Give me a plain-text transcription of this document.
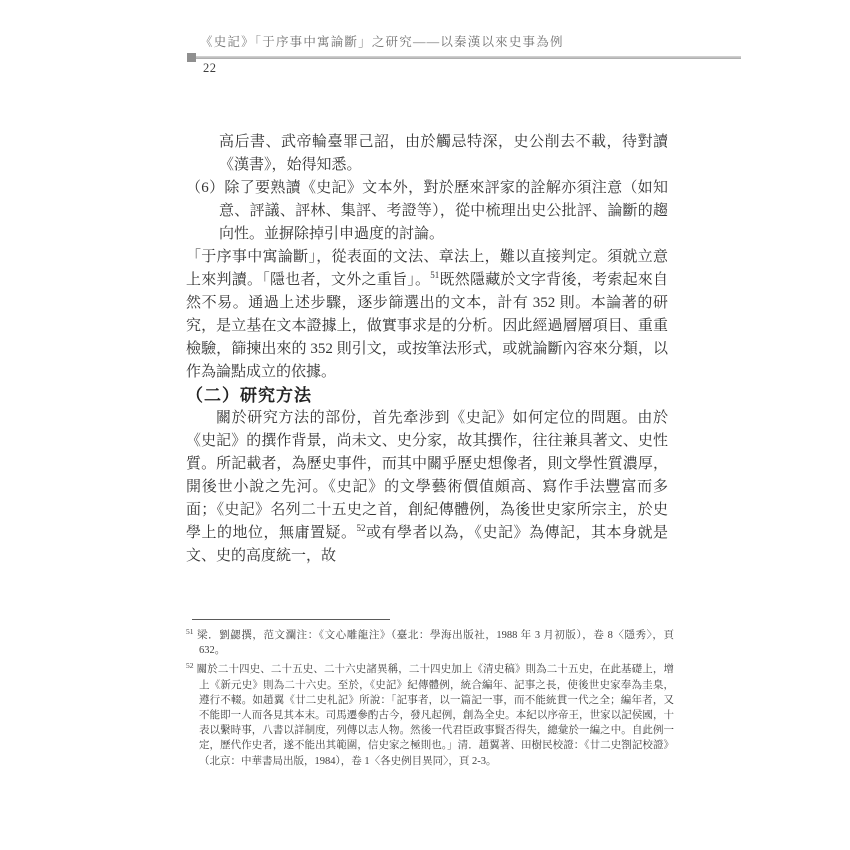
《史記》「于序事中寓論斷」之研究——以秦漢以來史事為例
22

高后書、武帝輪臺罪己詔，由於觸忌特深，史公削去不載，待對讀《漢書》，始得知悉。

（6）除了要熟讀《史記》文本外，對於歷來評家的詮解亦須注意（如知意、評議、評林、集評、考證等），從中梳理出史公批評、論斷的趨向性。並摒除掉引申過度的討論。

「于序事中寓論斷」，從表面的文法、章法上，難以直接判定。須就立意上來判讀。「隱也者，文外之重旨」。$^{51}$既然隱藏於文字背後，考索起來自然不易。通過上述步驟，逐步篩選出的文本，計有 352 則。本論著的研究，是立基在文本證據上，做實事求是的分析。因此經過層層項目、重重檢驗，篩揀出來的 352 則引文，或按筆法形式，或就論斷內容來分類，以作為論點成立的依據。

（二）研究方法

關於研究方法的部份，首先牽涉到《史記》如何定位的問題。由於《史記》的撰作背景，尚未文、史分家，故其撰作，往往兼具著文、史性質。所記載者，為歷史事件，而其中關乎歷史想像者，則文學性質濃厚，開後世小說之先河。《史記》的文學藝術價值頗高、寫作手法豐富而多面；《史記》名列二十五史之首，創紀傳體例，為後世史家所宗主，於史學上的地位，無庸置疑。$^{52}$或有學者以為，《史記》為傳記，其本身就是文、史的高度統一，故

$^{51}$ 梁．劉勰撰，范文瀾注：《文心雕龍注》（臺北：學海出版社，1988 年 3 月初版），卷 8〈隱秀〉，頁 632。

$^{52}$ 關於二十四史、二十五史、二十六史諸異稱，二十四史加上《清史稿》則為二十五史，在此基礎上，增上《新元史》則為二十六史。至於，《史記》紀傳體例，統合編年、記事之長，使後世史家奉為圭臬，遵行不輟。如趙翼《廿二史札記》所說：「記事者，以一篇記一事，而不能統貫一代之全；編年者，又不能即一人而各見其本末。司馬遷參酌古今，發凡起例，創為全史。本紀以序帝王，世家以記侯國，十表以繫時事，八書以詳制度，列傳以志人物。然後一代君臣政事賢否得失，總彙於一編之中。自此例一定，歷代作史者，遂不能出其範圍，信史家之極則也。」清．趙翼著、田樹民校證：《廿二史劄記校證》（北京：中華書局出版，1984），卷 1〈各史例目異同〉，頁 2-3。
